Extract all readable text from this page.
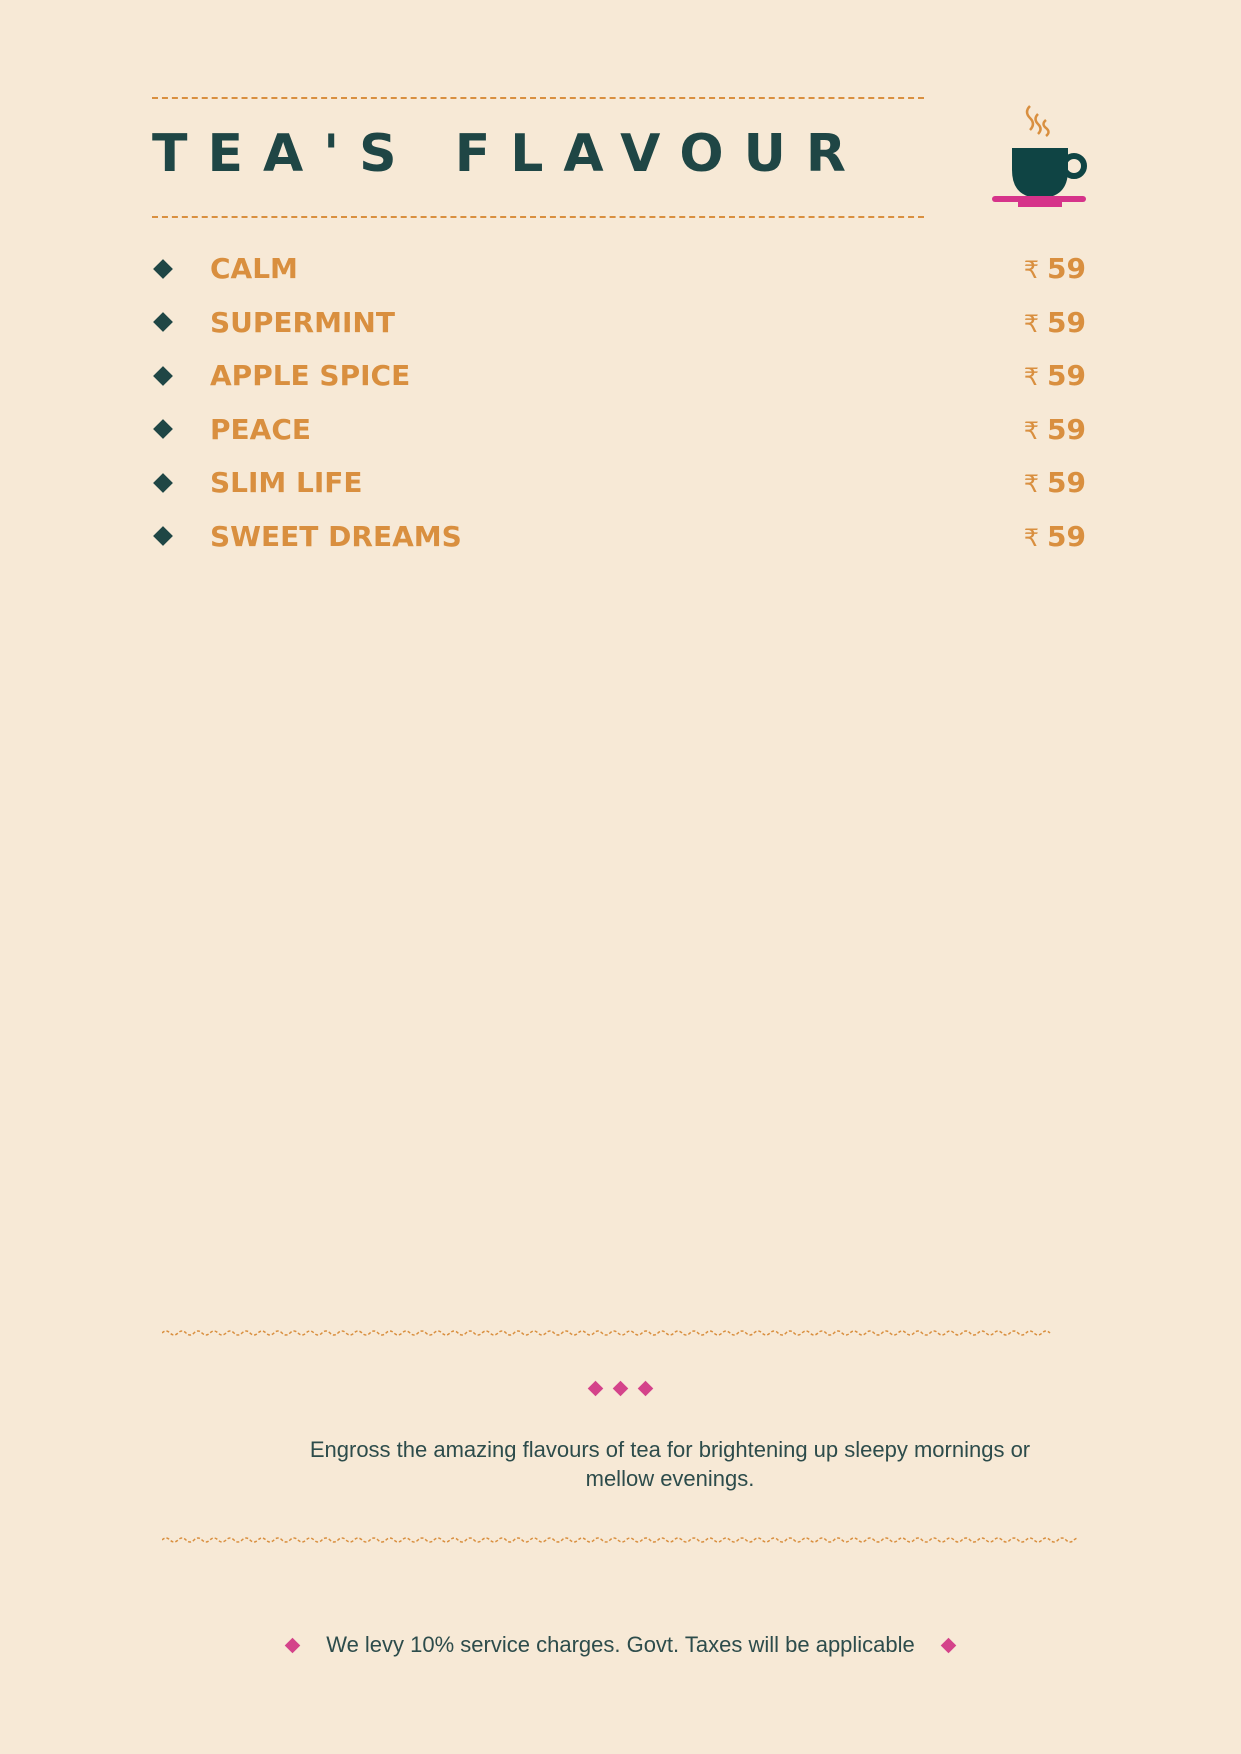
TEA'S FLAVOUR
CALM	₹ 59
SUPERMINT	₹ 59
APPLE SPICE	₹ 59
PEACE	₹ 59
SLIM LIFE	₹ 59
SWEET DREAMS	₹ 59

Engross the amazing flavours of tea for brightening up sleepy mornings or mellow evenings.

We levy 10% service charges. Govt. Taxes will be applicable
